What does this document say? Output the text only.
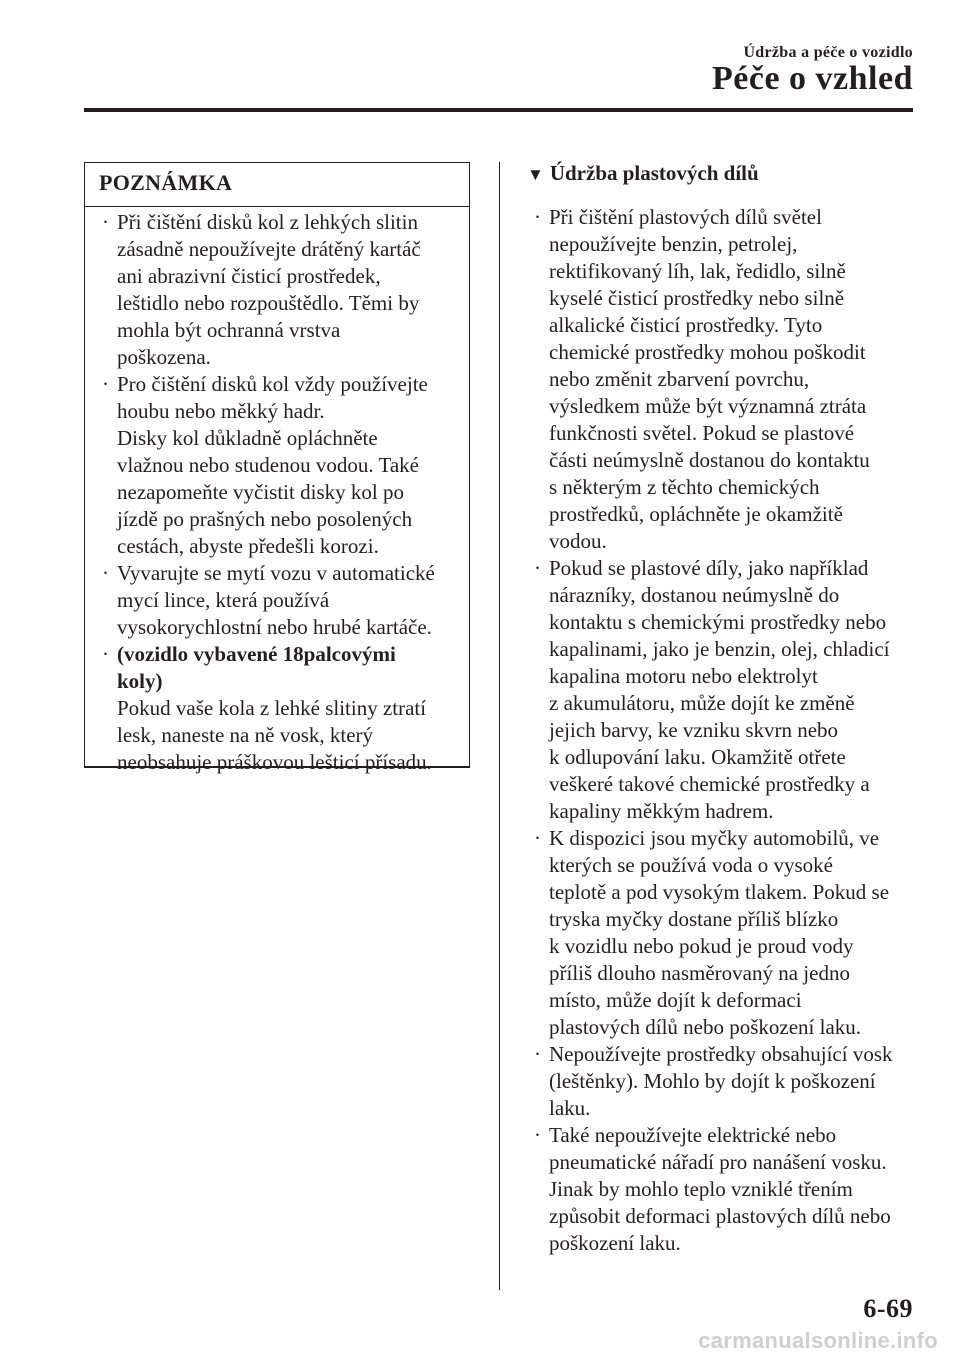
Údržba a péče o vozidlo
Péče o vzhled
POZNÁMKA
· Při čištění disků kol z lehkých slitin
zásadně nepoužívejte drátěný kartáč
ani abrazivní čisticí prostředek,
leštidlo nebo rozpouštědlo. Těmi by
mohla být ochranná vrstva
poškozena.
· Pro čištění disků kol vždy používejte
houbu nebo měkký hadr.
Disky kol důkladně opláchněte
vlažnou nebo studenou vodou. Také
nezapomeňte vyčistit disky kol po
jízdě po prašných nebo posolených
cestách, abyste předešli korozi.
· Vyvarujte se mytí vozu v automatické
mycí lince, která používá
vysokorychlostní nebo hrubé kartáče.
· (vozidlo vybavené 18palcovými
koly)
Pokud vaše kola z lehké slitiny ztratí
lesk, naneste na ně vosk, který
neobsahuje práškovou lešticí přísadu.
▼ Údržba plastových dílů
· Při čištění plastových dílů světel
nepoužívejte benzin, petrolej,
rektifikovaný líh, lak, ředidlo, silně
kyselé čisticí prostředky nebo silně
alkalické čisticí prostředky. Tyto
chemické prostředky mohou poškodit
nebo změnit zbarvení povrchu,
výsledkem může být významná ztráta
funkčnosti světel. Pokud se plastové
části neúmyslně dostanou do kontaktu
s některým z těchto chemických
prostředků, opláchněte je okamžitě
vodou.
· Pokud se plastové díly, jako například
nárazníky, dostanou neúmyslně do
kontaktu s chemickými prostředky nebo
kapalinami, jako je benzin, olej, chladicí
kapalina motoru nebo elektrolyt
z akumulátoru, může dojít ke změně
jejich barvy, ke vzniku skvrn nebo
k odlupování laku. Okamžitě otřete
veškeré takové chemické prostředky a
kapaliny měkkým hadrem.
· K dispozici jsou myčky automobilů, ve
kterých se používá voda o vysoké
teplotě a pod vysokým tlakem. Pokud se
tryska myčky dostane příliš blízko
k vozidlu nebo pokud je proud vody
příliš dlouho nasměrovaný na jedno
místo, může dojít k deformaci
plastových dílů nebo poškození laku.
· Nepoužívejte prostředky obsahující vosk
(leštěnky). Mohlo by dojít k poškození
laku.
· Také nepoužívejte elektrické nebo
pneumatické nářadí pro nanášení vosku.
Jinak by mohlo teplo vzniklé třením
způsobit deformaci plastových dílů nebo
poškození laku.
6-69
carmanualsonline.info
